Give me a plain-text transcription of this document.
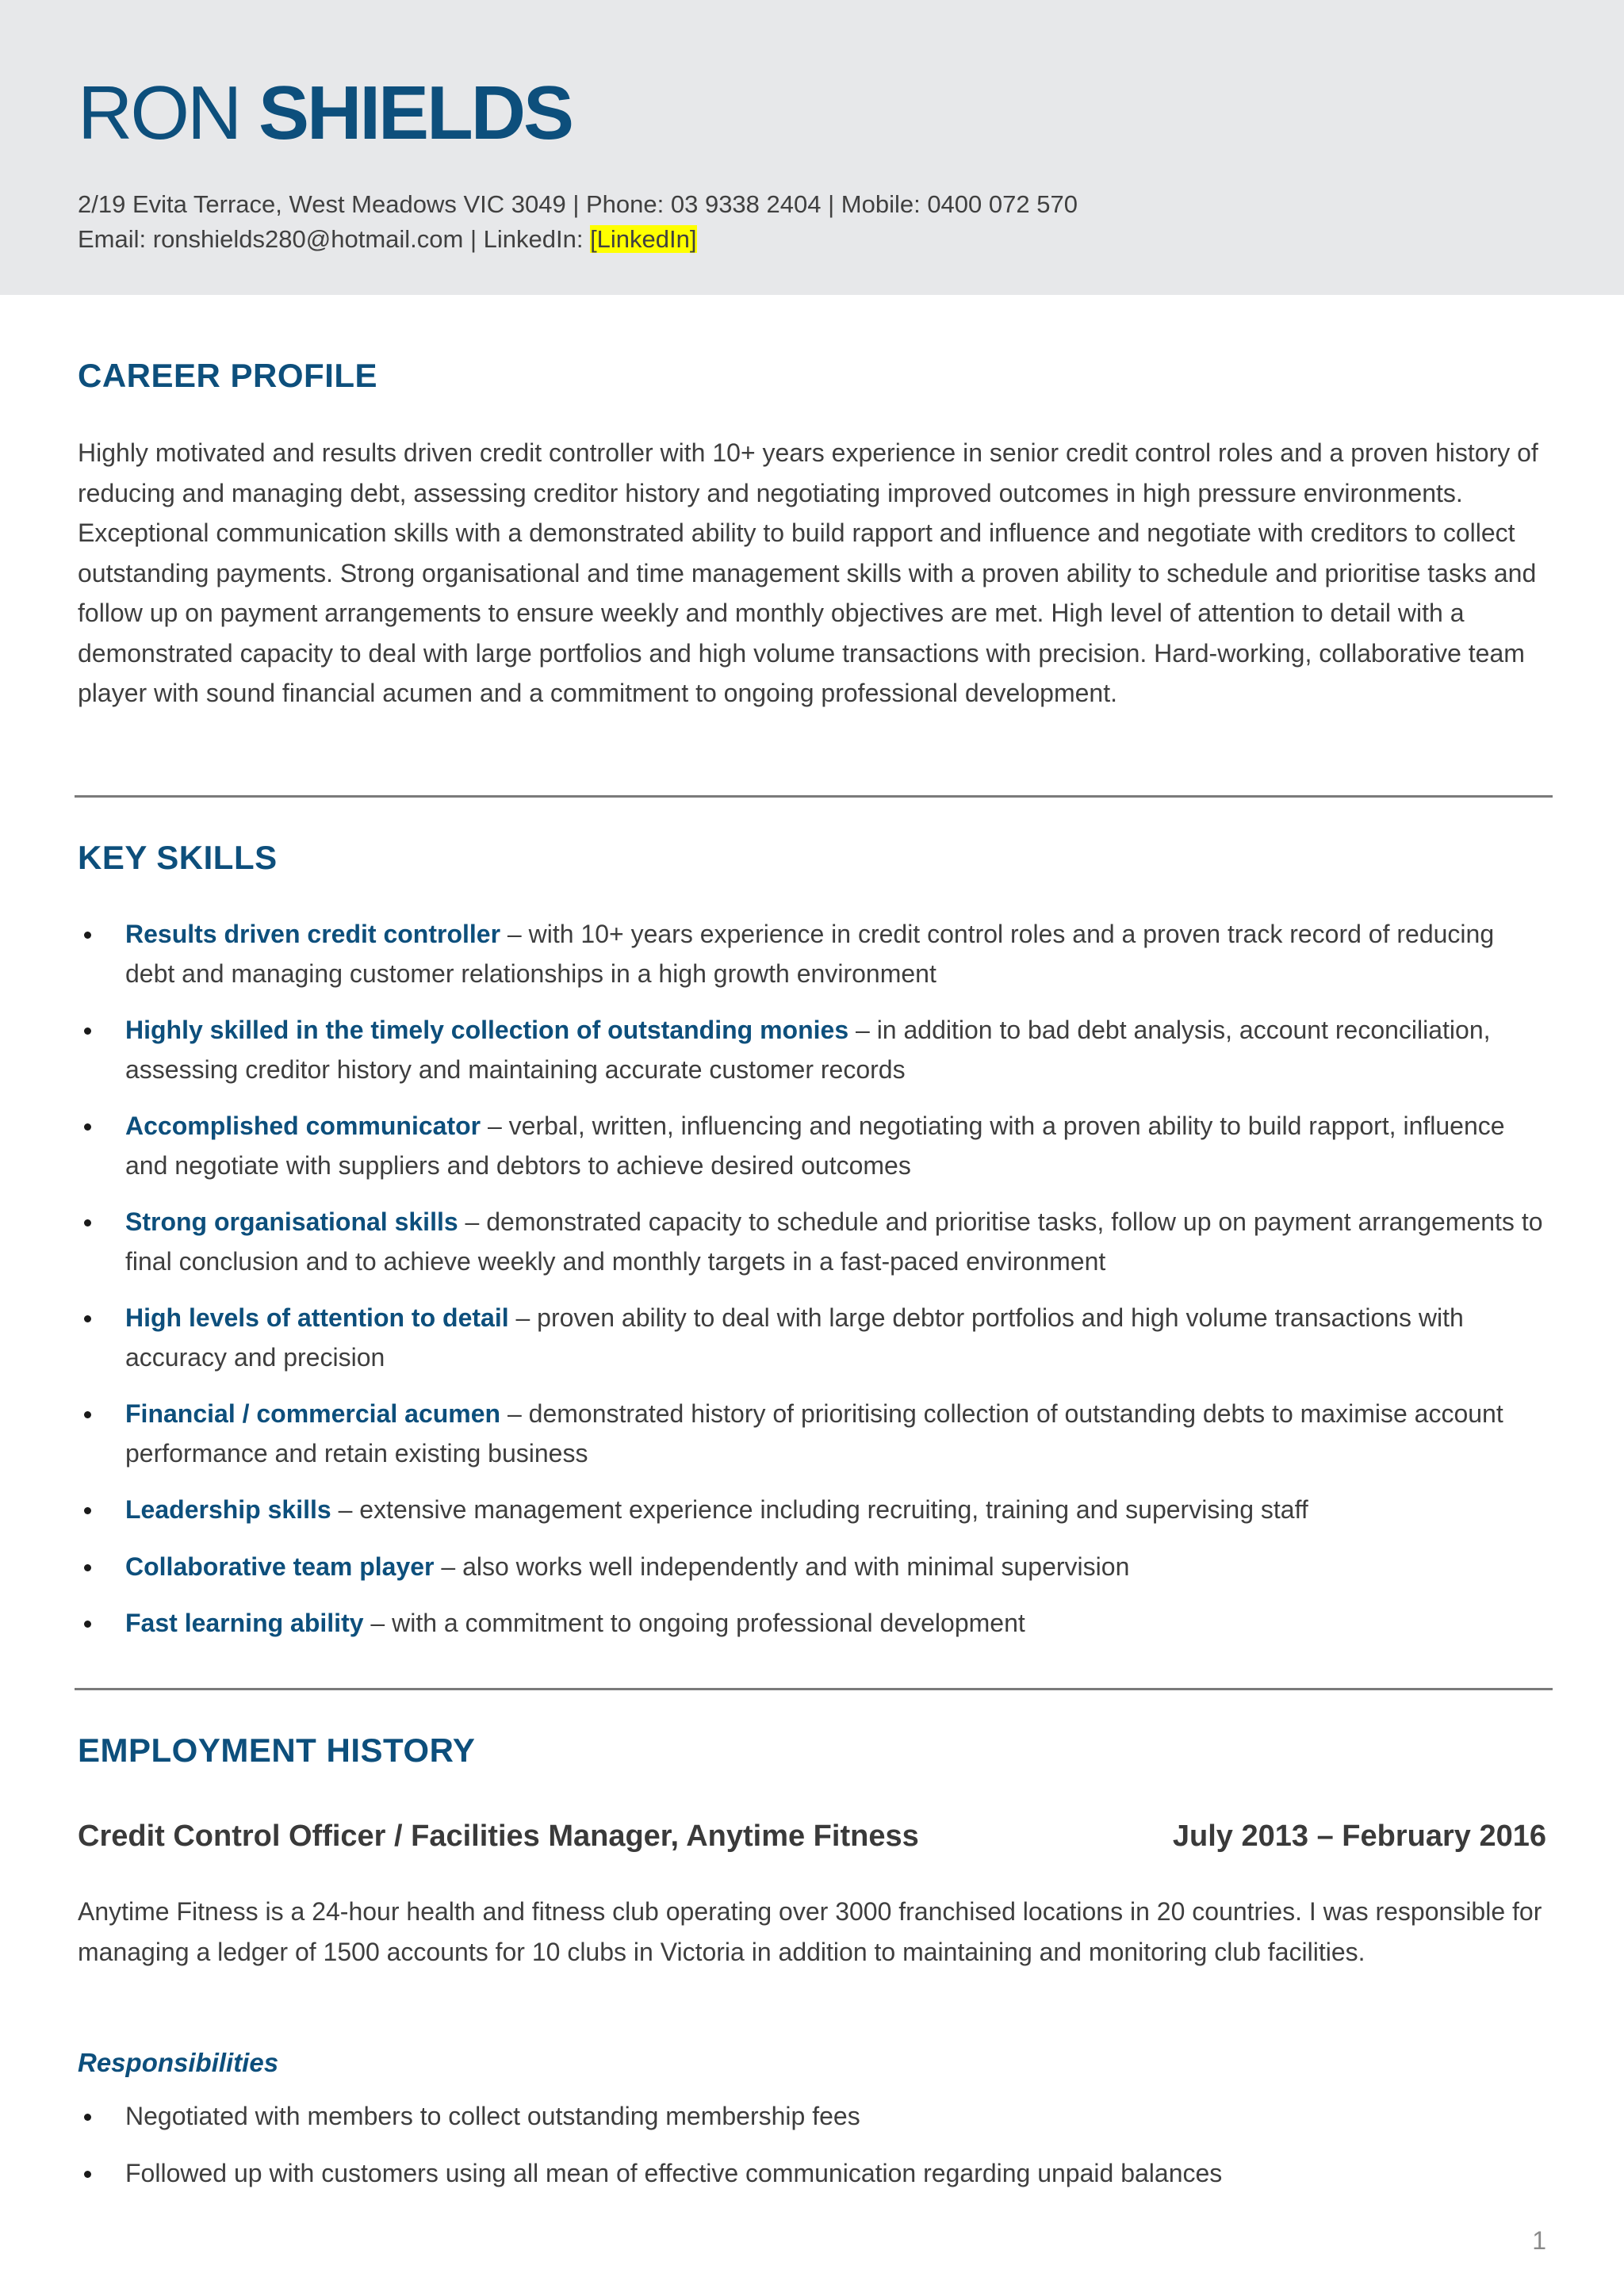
RON SHIELDS
2/19 Evita Terrace, West Meadows VIC 3049 | Phone: 03 9338 2404 | Mobile: 0400 072 570
Email: ronshields280@hotmail.com | LinkedIn: [LinkedIn]
CAREER PROFILE

Highly motivated and results driven credit controller with 10+ years experience in senior credit control roles and a proven history of reducing and managing debt, assessing creditor history and negotiating improved outcomes in high pressure environments. Exceptional communication skills with a demonstrated ability to build rapport and influence and negotiate with creditors to collect outstanding payments. Strong organisational and time management skills with a proven ability to schedule and prioritise tasks and follow up on payment arrangements to ensure weekly and monthly objectives are met. High level of attention to detail with a demonstrated capacity to deal with large portfolios and high volume transactions with precision. Hard-working, collaborative team player with sound financial acumen and a commitment to ongoing professional development.

KEY SKILLS
Results driven credit controller – with 10+ years experience in credit control roles and a proven track record of reducing debt and managing customer relationships in a high growth environment
Highly skilled in the timely collection of outstanding monies – in addition to bad debt analysis, account reconciliation, assessing creditor history and maintaining accurate customer records
Accomplished communicator – verbal, written, influencing and negotiating with a proven ability to build rapport, influence and negotiate with suppliers and debtors to achieve desired outcomes
Strong organisational skills – demonstrated capacity to schedule and prioritise tasks, follow up on payment arrangements to final conclusion and to achieve weekly and monthly targets in a fast-paced environment
High levels of attention to detail – proven ability to deal with large debtor portfolios and high volume transactions with accuracy and precision
Financial / commercial acumen – demonstrated history of prioritising collection of outstanding debts to maximise account performance and retain existing business
Leadership skills – extensive management experience including recruiting, training and supervising staff
Collaborative team player – also works well independently and with minimal supervision
Fast learning ability – with a commitment to ongoing professional development
EMPLOYMENT HISTORY
Credit Control Officer / Facilities Manager, Anytime Fitness	July 2013 – February 2016

Anytime Fitness is a 24-hour health and fitness club operating over 3000 franchised locations in 20 countries. I was responsible for managing a ledger of 1500 accounts for 10 clubs in Victoria in addition to maintaining and monitoring club facilities.

Responsibilities
Negotiated with members to collect outstanding membership fees
Followed up with customers using all mean of effective communication regarding unpaid balances
1
